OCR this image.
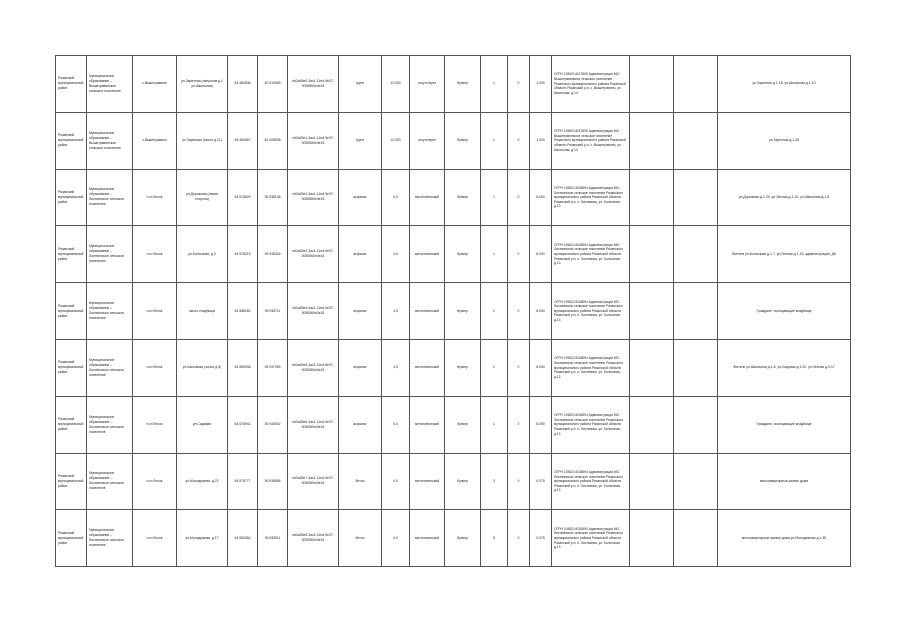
Рязанский муниципальный район	Муниципальное образование – Вышетравинское сельское поселение	с.Вышетравино	ул.Заречная (напротив д.1 ул.Школьная)	54.484836	40.010669	ed2a49e0-3ac1-11ed-9e37-0050560e3e15	грунт	12,000	отсутствует	бункер	1	0	1,000	ОГРН 1056214017805 Администрация МО-Вышетравинское сельское поселение Рязанского муниципального района Рязанской области Рязанский р-н, с. Вышетравино, ул. Школьная, д.14			ул.Заречная д.1-15, ул.Школьная д.1-10
Рязанский муниципальный район	Муниципальное образование – Вышетравинское сельское поселение	с.Вышетравино	ул.Заречная (около д.21)	54.484567	40.008538	ed2a49e1-3ac1-11ed-9e37-0050560e3e15	грунт	12,000	отсутствует	бункер	1	0	1,000	ОГРН 1056214017805 Администрация МО-Вышетравинское сельское поселение Рязанского муниципального района Рязанской области Рязанский р-н, с. Вышетравино, ул. Школьная, д.14			ул.Заречная д.1-35
Рязанский муниципальный район	Муниципальное образование – Листвянское сельское поселение	п.ст.Лесок	ул.Дорожная (левая сторона)	54.578629	39.938136	ed2a49e2-3ac1-11ed-9e37-0050560e3e15	асфальт	4,0	металлический	бункер	1	0	8,000	ОГРН 1056214018894 Администрация МО-Листвянское сельское поселение Рязанского муниципального района Рязанской области Рязанский р-н, п. Листвянка, ул. Колхозная, д.13			ул.Дорожная д.1-20, ул.Лесная д.1-10, ул.Школьная д.1-8
Рязанский муниципальный район	Муниципальное образование – Листвянское сельское поселение	п.ст.Лесок	ул.Колхозная, д.2	54.578015	39.938315	ed2a49e3-3ac1-11ed-9e37-0050560e3e15	асфальт	4,0	металлический	бункер	1	0	8,000	ОГРН 1056214018894 Администрация МО-Листвянское сельское поселение Рязанского муниципального района Рязанской области Рязанский р-н, п. Листвянка, ул. Колхозная, д.13			Жители ул.Колхозная д.1-7, ул.Лесная д.1-15, администрация, ДК
Рязанский муниципальный район	Муниципальное образование – Листвянское сельское поселение	п.ст.Лесок	около кладбища	54.588182	39.935711	ed2a49e4-3ac1-11ed-9e37-0050560e3e15	асфальт	4,0	металлический	бункер	1	0	8,000	ОГРН 1056214018894 Администрация МО-Листвянское сельское поселение Рязанского муниципального района Рязанской области Рязанский р-н, п. Листвянка, ул. Колхозная, д.13			Граждане, посещающие кладбище
Рязанский муниципальный район	Муниципальное образование – Листвянское сельское поселение	п.ст.Лесок	ул.Школьная (около д.5)	54.580936	39.937269	ed2a49e5-3ac1-11ed-9e37-0050560e3e15	асфальт	4,0	металлический	бункер	1	0	8,000	ОГРН 1056214018894 Администрация МО-Листвянское сельское поселение Рязанского муниципального района Рязанской области Рязанский р-н, п. Листвянка, ул. Колхозная, д.13			Жители ул.Школьная д.1-8, ул.Садовая д.1-20, ул.Лесная д.9-17
Рязанский муниципальный район	Муниципальное образование – Листвянское сельское поселение	п.ст.Лесок	ул.Садовая	54.576941	39.940502	ed2a49e6-3ac1-11ed-9e37-0050560e3e15	асфальт	4,0	металлический	бункер	1	0	8,000	ОГРН 1056214018894 Администрация МО-Листвянское сельское поселение Рязанского муниципального района Рязанской области Рязанский р-н, п. Листвянка, ул. Колхозная, д.13			Граждане, посещающие кладбище
Рязанский муниципальный район	Муниципальное образование – Листвянское сельское поселение	п.ст.Лесок	ул.Молодежная, д.22	54.578777	39.936556	ed2a49e7-3ac1-11ed-9e37-0050560e3e15	бетон	4,0	металлический	бункер	3	0	0,075	ОГРН 1056214018894 Администрация МО-Листвянское сельское поселение Рязанского муниципального района Рязанской области Рязанский р-н, п. Листвянка, ул. Колхозная, д.13			многоквартирные жилые дома
Рязанский муниципальный район	Муниципальное образование – Листвянское сельское поселение	п.ст.Лесок	ул.Молодежная, д.17	54.580060	39.939911	ed2a49e8-3ac1-11ed-9e37-0050560e3e15	бетон	4,0	металлический	бункер	5	0	0,075	ОГРН 1056214018894 Администрация МО-Листвянское сельское поселение Рязанского муниципального района Рязанской области Рязанский р-н, п. Листвянка, ул. Колхозная, д.13			многоквартирные жилые дома ул.Молодежная д.1-35
